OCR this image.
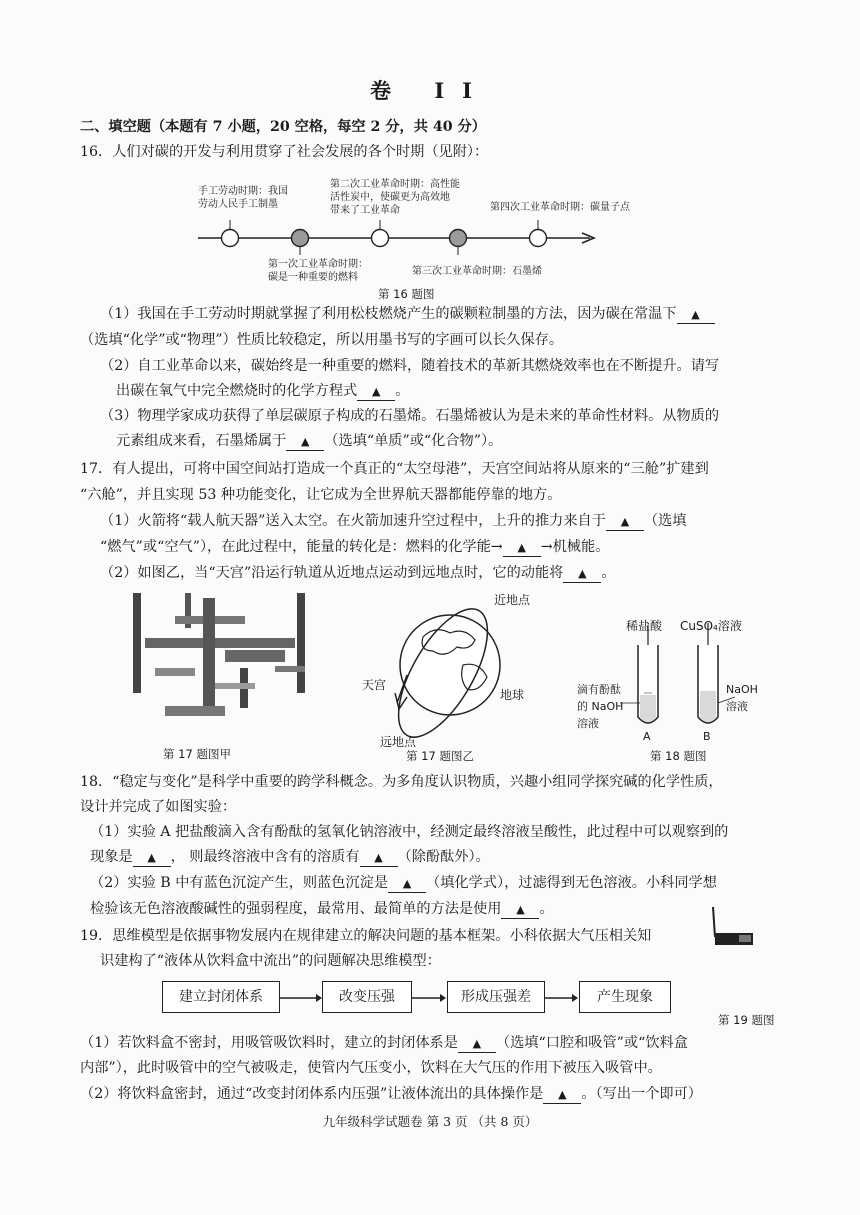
卷 II
二、填空题（本题有 7 小题，20 空格，每空 2 分，共 40 分）
16．人们对碳的开发与利用贯穿了社会发展的各个时期（见附）：
手工劳动时期：我国
劳动人民手工制墨
第二次工业革命时期：高性能
活性炭中，使碳更为高效地
带来了工业革命	第四次工业革命时期：碳量子点
第一次工业革命时期：
碳是一种重要的燃料
第三次工业革命时期：石墨烯
第 16 题图
（1）我国在手工劳动时期就掌握了利用松枝燃烧产生的碳颗粒制墨的方法，因为碳在常温下 ▲
（选填“化学”或“物理”）性质比较稳定，所以用墨书写的字画可以长久保存。
（2）自工业革命以来，碳始终是一种重要的燃料，随着技术的革新其燃烧效率也在不断提升。请写
出碳在氧气中完全燃烧时的化学方程式 ▲ 。
（3）物理学家成功获得了单层碳原子构成的石墨烯。石墨烯被认为是未来的革命性材料。从物质的
元素组成来看，石墨烯属于 ▲ （选填“单质”或“化合物”）。
17．有人提出，可将中国空间站打造成一个真正的“太空母港”，天宫空间站将从原来的“三舱”扩建到
“六舱”，并且实现 53 种功能变化，让它成为全世界航天器都能停靠的地方。
（1）火箭将“载人航天器”送入太空。在火箭加速升空过程中，上升的推力来自于 ▲ （选填
“燃气”或“空气”），在此过程中，能量的转化是：燃料的化学能→ ▲ →机械能。
（2）如图乙，当“天宫”沿运行轨道从近地点运动到远地点时，它的动能将 ▲ 。
第 17 题图甲
近地点
天宫
地球
远地点
第 17 题图乙
稀盐酸 CuSO₄溶液
滴有酚酞
的 NaOH
溶液
NaOH
溶液
A	B
第 18 题图
18．“稳定与变化”是科学中重要的跨学科概念。为多角度认识物质，兴趣小组同学探究碱的化学性质，
设计并完成了如图实验：
（1）实验 A 把盐酸滴入含有酚酞的氢氧化钠溶液中，经测定最终溶液呈酸性，此过程中可以观察到的
现象是 ▲ ， 则最终溶液中含有的溶质有 ▲ （除酚酞外）。
（2）实验 B 中有蓝色沉淀产生，则蓝色沉淀是 ▲ （填化学式），过滤得到无色溶液。小科同学想
检验该无色溶液酸碱性的强弱程度，最常用、最简单的方法是使用 ▲ 。
19．思维模型是依据事物发展内在规律建立的解决问题的基本框架。小科依据大气压相关知
识建构了“液体从饮料盒中流出”的问题解决思维模型：
建立封闭体系	改变压强	形成压强差	产生现象
第 19 题图
（1）若饮料盒不密封，用吸管吸饮料时，建立的封闭体系是 ▲ （选填“口腔和吸管”或“饮料盒
内部”），此时吸管中的空气被吸走，使管内气压变小，饮料在大气压的作用下被压入吸管中。
（2）将饮料盒密封，通过“改变封闭体系内压强”让液体流出的具体操作是 ▲ 。（写出一个即可）
九年级科学试题卷 第 3 页 （共 8 页）
